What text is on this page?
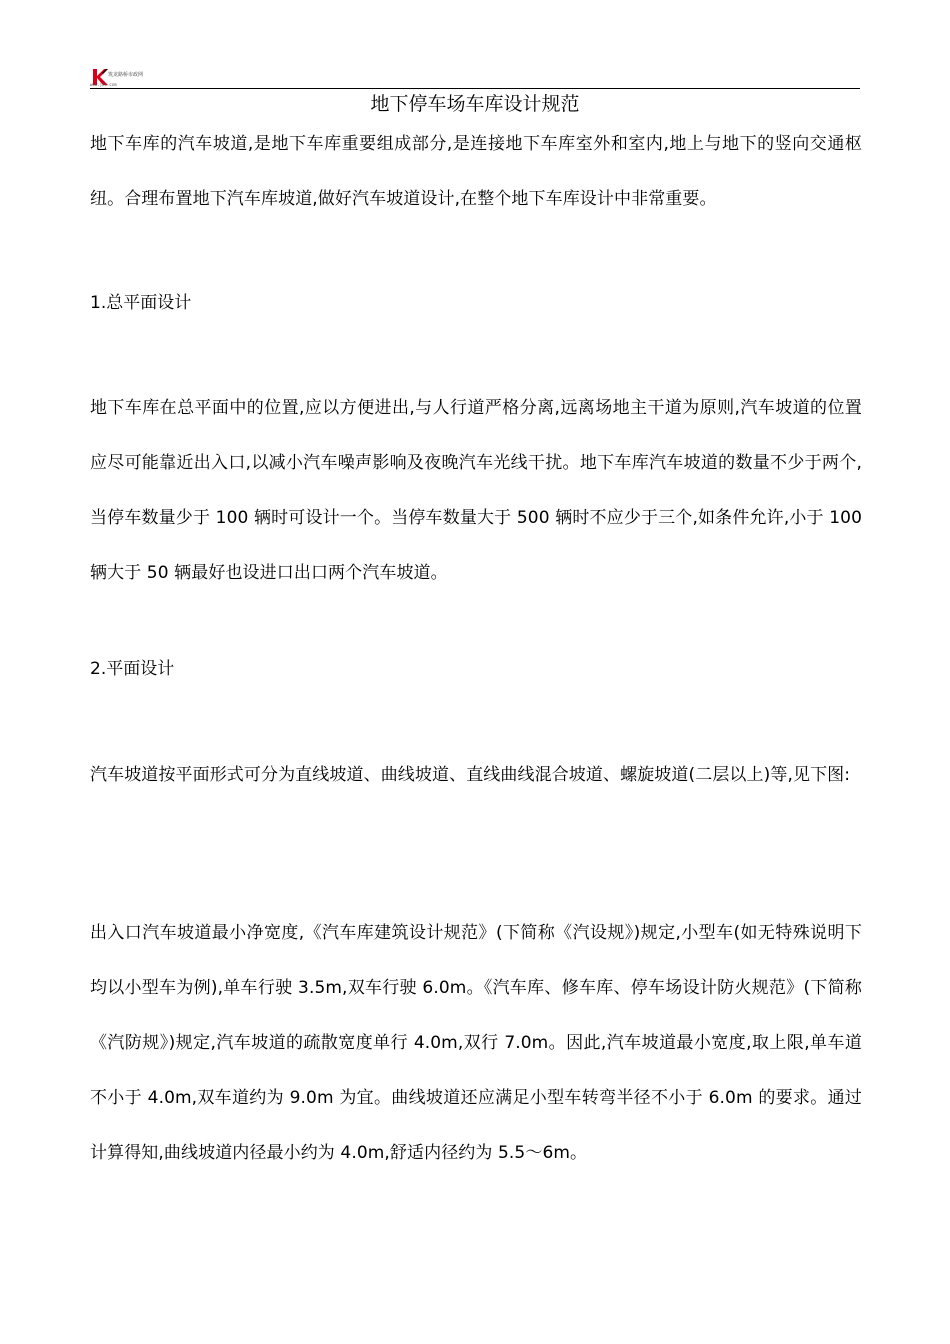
筑龙路桥市政网
www.jzb.com
地下停车场车库设计规范
地下车库的汽车坡道,是地下车库重要组成部分,是连接地下车库室外和室内,地上与地下的竖向交通枢纽。合理布置地下汽车库坡道,做好汽车坡道设计,在整个地下车库设计中非常重要。
1.总平面设计
地下车库在总平面中的位置,应以方便进出,与人行道严格分离,远离场地主干道为原则,汽车坡道的位置应尽可能靠近出入口,以减小汽车噪声影响及夜晚汽车光线干扰。地下车库汽车坡道的数量不少于两个,当停车数量少于 100 辆时可设计一个。当停车数量大于 500 辆时不应少于三个,如条件允许,小于 100 辆大于 50 辆最好也设进口出口两个汽车坡道。
2.平面设计
汽车坡道按平面形式可分为直线坡道、曲线坡道、直线曲线混合坡道、螺旋坡道(二层以上)等,见下图:
出入口汽车坡道最小净宽度,《汽车库建筑设计规范》(下简称《汽设规》)规定,小型车(如无特殊说明下均以小型车为例),单车行驶 3.5m,双车行驶 6.0m。《汽车库、修车库、停车场设计防火规范》(下简称《汽防规》)规定,汽车坡道的疏散宽度单行 4.0m,双行 7.0m。因此,汽车坡道最小宽度,取上限,单车道不小于 4.0m,双车道约为 9.0m 为宜。曲线坡道还应满足小型车转弯半径不小于 6.0m 的要求。通过计算得知,曲线坡道内径最小约为 4.0m,舒适内径约为 5.5～6m。
